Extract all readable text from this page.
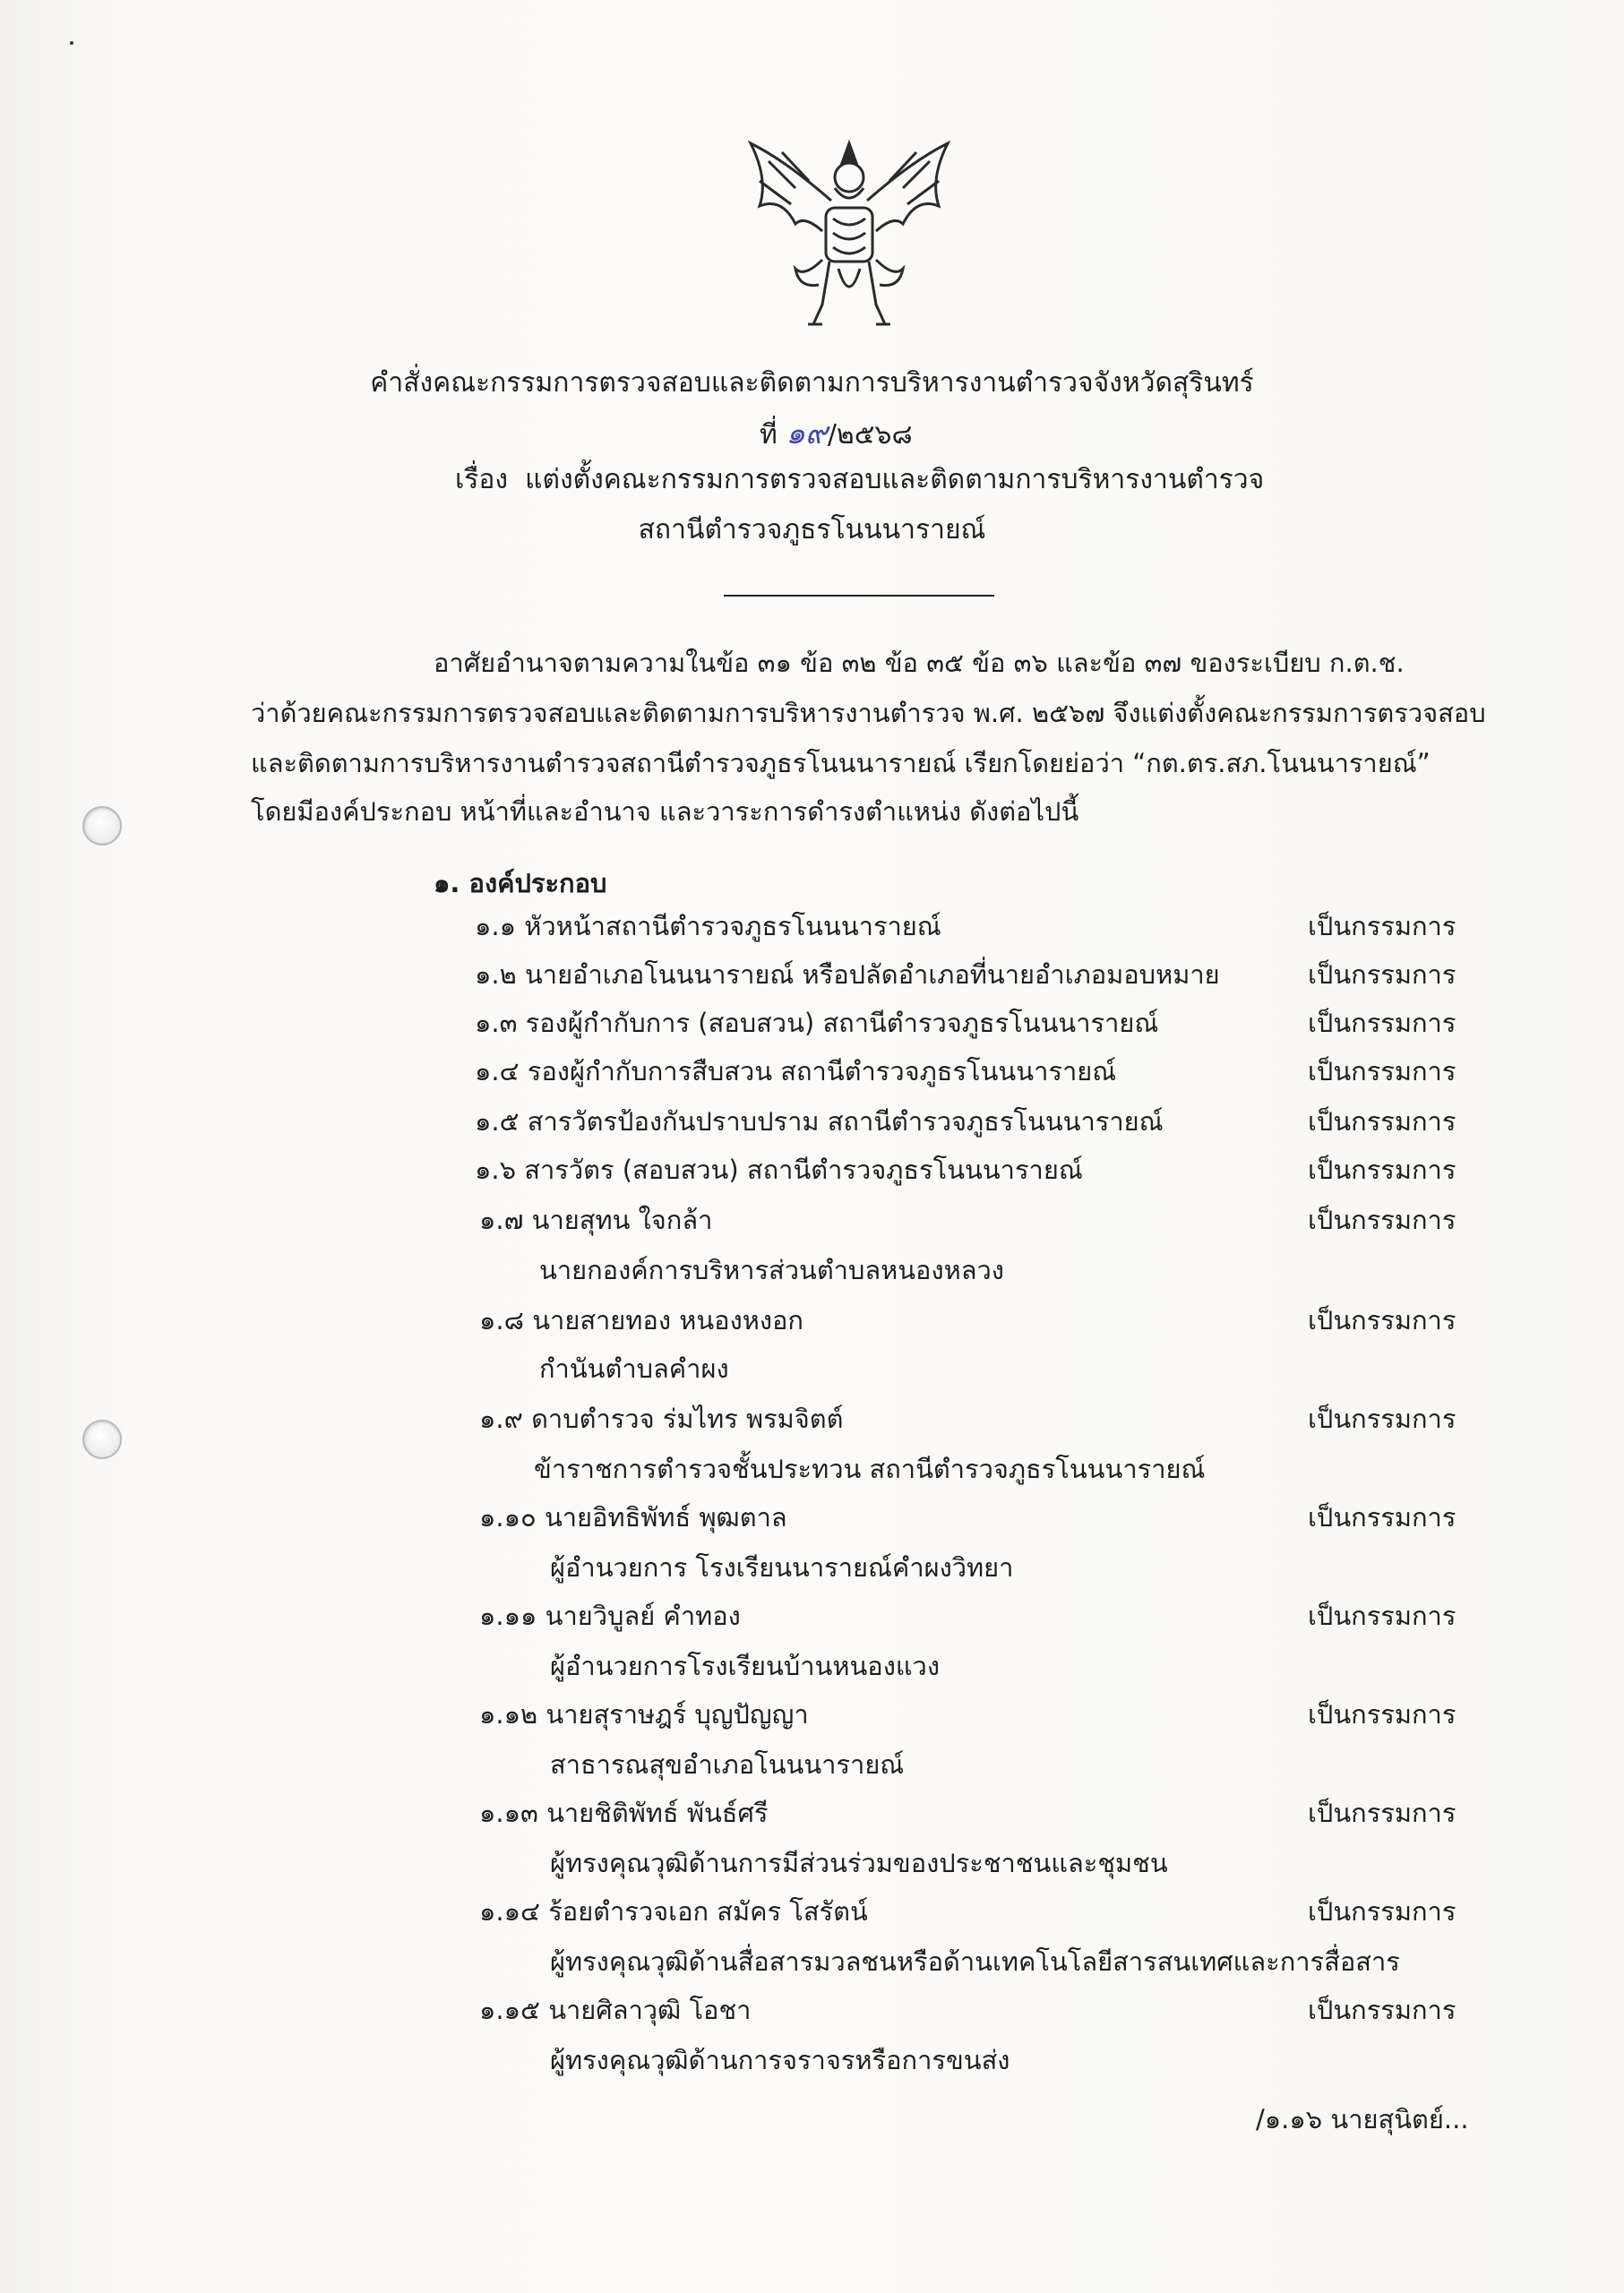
คำสั่งคณะกรรมการตรวจสอบและติดตามการบริหารงานตำรวจจังหวัดสุรินทร์
ที่ ๑๙/๒๕๖๘
เรื่อง แต่งตั้งคณะกรรมการตรวจสอบและติดตามการบริหารงานตำรวจ
สถานีตำรวจภูธรโนนนารายณ์
อาศัยอำนาจตามความในข้อ ๓๑ ข้อ ๓๒ ข้อ ๓๕ ข้อ ๓๖ และข้อ ๓๗ ของระเบียบ ก.ต.ช.
ว่าด้วยคณะกรรมการตรวจสอบและติดตามการบริหารงานตำรวจ พ.ศ. ๒๕๖๗ จึงแต่งตั้งคณะกรรมการตรวจสอบ
และติดตามการบริหารงานตำรวจสถานีตำรวจภูธรโนนนารายณ์ เรียกโดยย่อว่า “กต.ตร.สภ.โนนนารายณ์”
โดยมีองค์ประกอบ หน้าที่และอำนาจ และวาระการดำรงตำแหน่ง ดังต่อไปนี้
๑. องค์ประกอบ
๑.๑ หัวหน้าสถานีตำรวจภูธรโนนนารายณ์	เป็นกรรมการ
๑.๒ นายอำเภอโนนนารายณ์ หรือปลัดอำเภอที่นายอำเภอมอบหมาย	เป็นกรรมการ
๑.๓ รองผู้กำกับการ (สอบสวน) สถานีตำรวจภูธรโนนนารายณ์	เป็นกรรมการ
๑.๔ รองผู้กำกับการสืบสวน สถานีตำรวจภูธรโนนนารายณ์	เป็นกรรมการ
๑.๕ สารวัตรป้องกันปราบปราม สถานีตำรวจภูธรโนนนารายณ์	เป็นกรรมการ
๑.๖ สารวัตร (สอบสวน) สถานีตำรวจภูธรโนนนารายณ์	เป็นกรรมการ
๑.๗ นายสุทน ใจกล้า	เป็นกรรมการ
นายกองค์การบริหารส่วนตำบลหนองหลวง
๑.๘ นายสายทอง หนองหงอก	เป็นกรรมการ
กำนันตำบลคำผง
๑.๙ ดาบตำรวจ ร่มไทร พรมจิตต์	เป็นกรรมการ
ข้าราชการตำรวจชั้นประทวน สถานีตำรวจภูธรโนนนารายณ์
๑.๑๐ นายอิทธิพัทธ์ พุฒตาล	เป็นกรรมการ
ผู้อำนวยการ โรงเรียนนารายณ์คำผงวิทยา
๑.๑๑ นายวิบูลย์ คำทอง	เป็นกรรมการ
ผู้อำนวยการโรงเรียนบ้านหนองแวง
๑.๑๒ นายสุราษฎร์ บุญปัญญา	เป็นกรรมการ
สาธารณสุขอำเภอโนนนารายณ์
๑.๑๓ นายชิติพัทธ์ พันธ์ศรี	เป็นกรรมการ
ผู้ทรงคุณวุฒิด้านการมีส่วนร่วมของประชาชนและชุมชน
๑.๑๔ ร้อยตำรวจเอก สมัคร โสรัตน์	เป็นกรรมการ
ผู้ทรงคุณวุฒิด้านสื่อสารมวลชนหรือด้านเทคโนโลยีสารสนเทศและการสื่อสาร
๑.๑๕ นายศิลาวุฒิ โอชา	เป็นกรรมการ
ผู้ทรงคุณวุฒิด้านการจราจรหรือการขนส่ง
/๑.๑๖ นายสุนิตย์...
